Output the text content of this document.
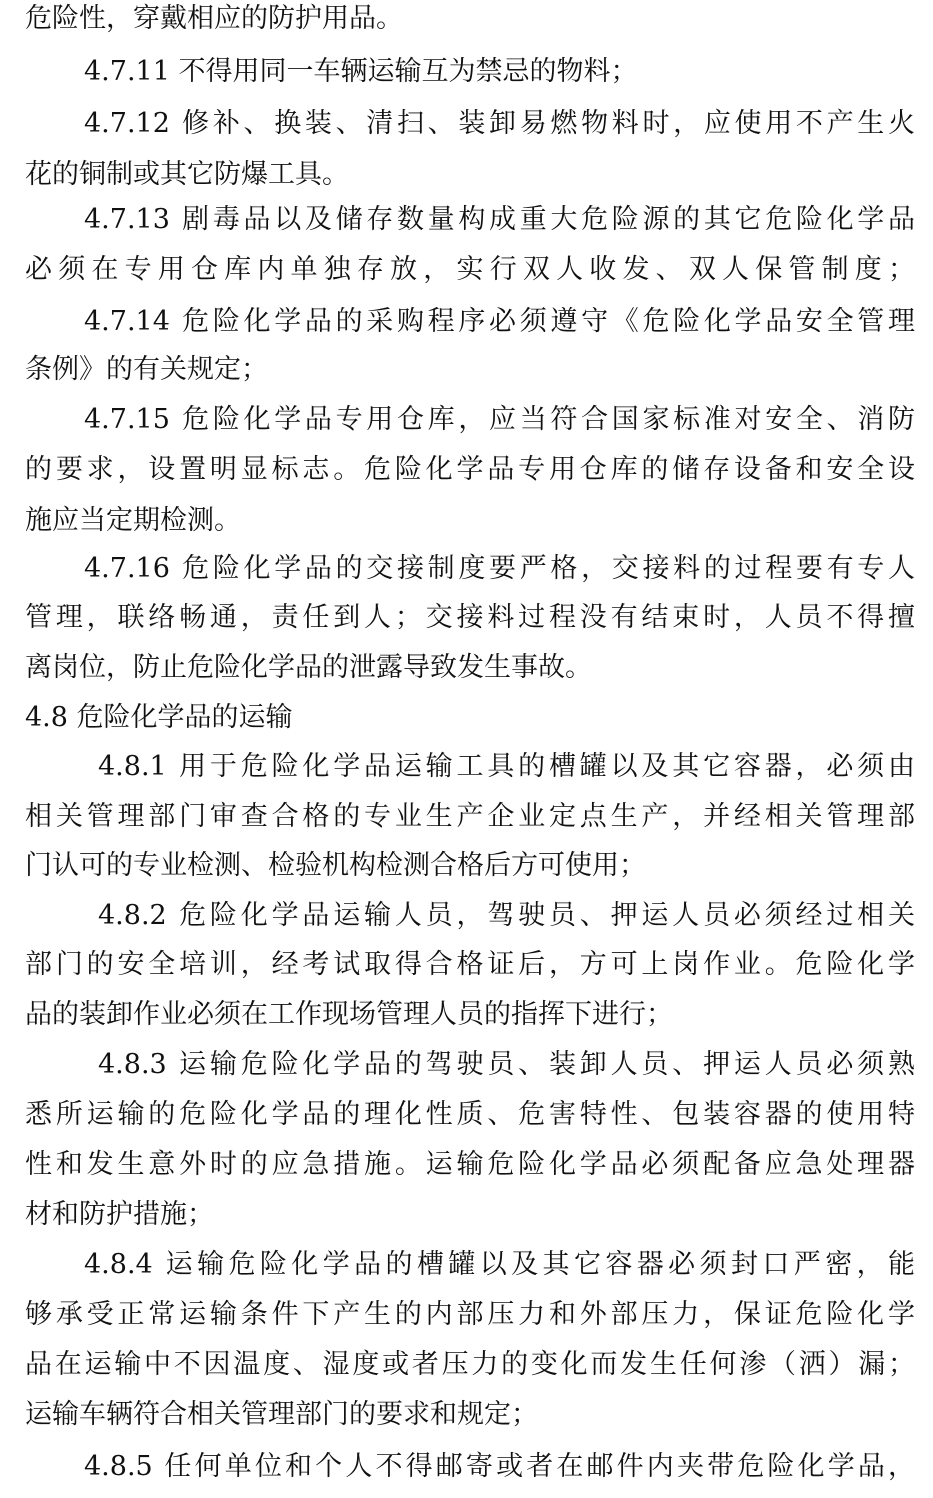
危险性，穿戴相应的防护用品。
4.7.11 不得用同一车辆运输互为禁忌的物料；
4.7.12 修补、换装、清扫、装卸易燃物料时，应使用不产生火
花的铜制或其它防爆工具。
4.7.13 剧毒品以及储存数量构成重大危险源的其它危险化学品
必须在专用仓库内单独存放，实行双人收发、双人保管制度；
4.7.14 危险化学品的采购程序必须遵守《危险化学品安全管理
条例》的有关规定；
4.7.15 危险化学品专用仓库，应当符合国家标准对安全、消防
的要求，设置明显标志。危险化学品专用仓库的储存设备和安全设
施应当定期检测。
4.7.16 危险化学品的交接制度要严格，交接料的过程要有专人
管理，联络畅通，责任到人；交接料过程没有结束时，人员不得擅
离岗位，防止危险化学品的泄露导致发生事故。
4.8 危险化学品的运输
4.8.1 用于危险化学品运输工具的槽罐以及其它容器，必须由
相关管理部门审查合格的专业生产企业定点生产，并经相关管理部
门认可的专业检测、检验机构检测合格后方可使用；
4.8.2 危险化学品运输人员，驾驶员、押运人员必须经过相关
部门的安全培训，经考试取得合格证后，方可上岗作业。危险化学
品的装卸作业必须在工作现场管理人员的指挥下进行；
4.8.3 运输危险化学品的驾驶员、装卸人员、押运人员必须熟
悉所运输的危险化学品的理化性质、危害特性、包装容器的使用特
性和发生意外时的应急措施。运输危险化学品必须配备应急处理器
材和防护措施；
4.8.4 运输危险化学品的槽罐以及其它容器必须封口严密，能
够承受正常运输条件下产生的内部压力和外部压力，保证危险化学
品在运输中不因温度、湿度或者压力的变化而发生任何渗（洒）漏；
运输车辆符合相关管理部门的要求和规定；
4.8.5 任何单位和个人不得邮寄或者在邮件内夹带危险化学品，
